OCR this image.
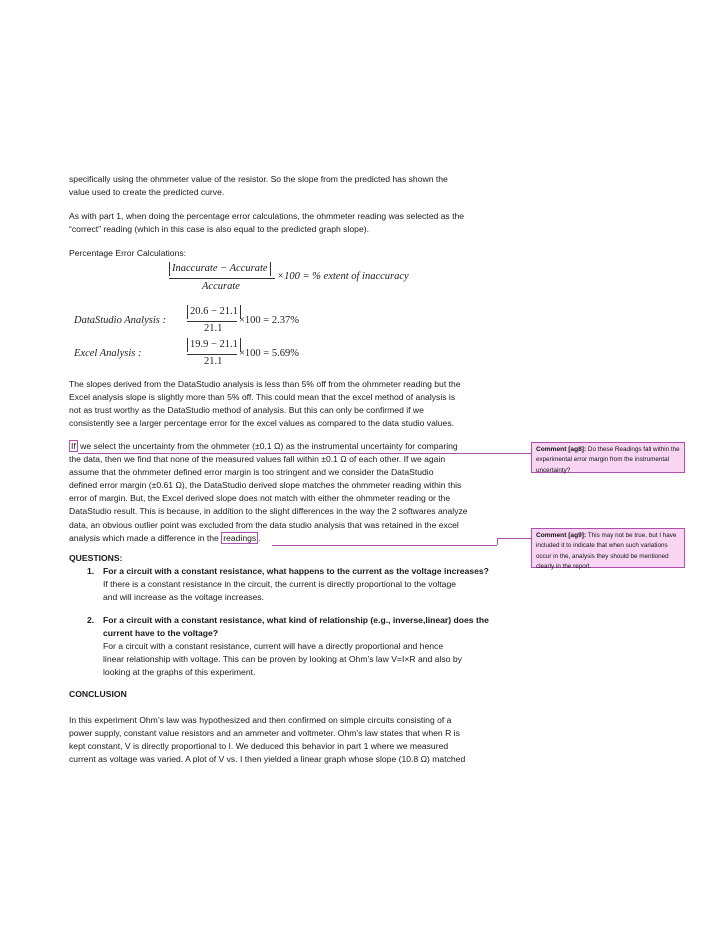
specifically using the ohmmeter value of the resistor. So the slope from the predicted has shown the
value used to create the predicted curve.

As with part 1, when doing the percentage error calculations, the ohmmeter reading was selected as the
“correct” reading (which in this case is also equal to the predicted graph slope).

Percentage Error Calculations:

Inaccurate − Accurate
Accurate
×100 = % extent of inaccuracy
DataStudio Analysis :
20.6 − 21.1
21.1
×100 = 2.37%
Excel Analysis :
19.9 − 21.1
21.1
×100 = 5.69%

The slopes derived from the DataStudio analysis is less than 5% off from the ohmmeter reading but the
Excel analysis slope is slightly more than 5% off. This could mean that the excel method of analysis is
not as trust worthy as the DataStudio method of analysis. But this can only be confirmed if we
consistently see a larger percentage error for the excel values as compared to the data studio values.

If we select the uncertainty from the ohmmeter (±0.1 Ω) as the instrumental uncertainty for comparing
the data, then we find that none of the measured values fall within ±0.1 Ω of each other. If we again
assume that the ohmmeter defined error margin is too stringent and we consider the DataStudio
defined error margin (±0.61 Ω), the DataStudio derived slope matches the ohmmeter reading within this
error of margin. But, the Excel derived slope does not match with either the ohmmeter reading or the
DataStudio result. This is because, in addition to the slight differences in the way the 2 softwares analyze
data, an obvious outlier point was excluded from the data studio analysis that was retained in the excel
analysis which made a difference in the readings .

Comment [ag8]: Do these Readings fall within the experimental error margin from the instrumental uncertainty?
Comment [ag9]: This may not be true, but I have included it to indicate that when such variations occur in the, analysis they should be mentioned clearly in the report.

QUESTIONS:

1. For a circuit with a constant resistance, what happens to the current as the voltage increases?
If there is a constant resistance in the circuit, the current is directly proportional to the voltage
and will increase as the voltage increases.
2. For a circuit with a constant resistance, what kind of relationship (e.g., inverse,linear) does the
current have to the voltage?
For a circuit with a constant resistance, current will have a directly proportional and hence
linear relationship with voltage. This can be proven by looking at Ohm’s law V=I×R and also by
looking at the graphs of this experiment.

CONCLUSION

In this experiment Ohm’s law was hypothesized and then confirmed on simple circuits consisting of a
power supply, constant value resistors and an ammeter and voltmeter. Ohm’s law states that when R is
kept constant, V is directly proportional to I. We deduced this behavior in part 1 where we measured
current as voltage was varied. A plot of V vs. I then yielded a linear graph whose slope (10.8 Ω) matched
